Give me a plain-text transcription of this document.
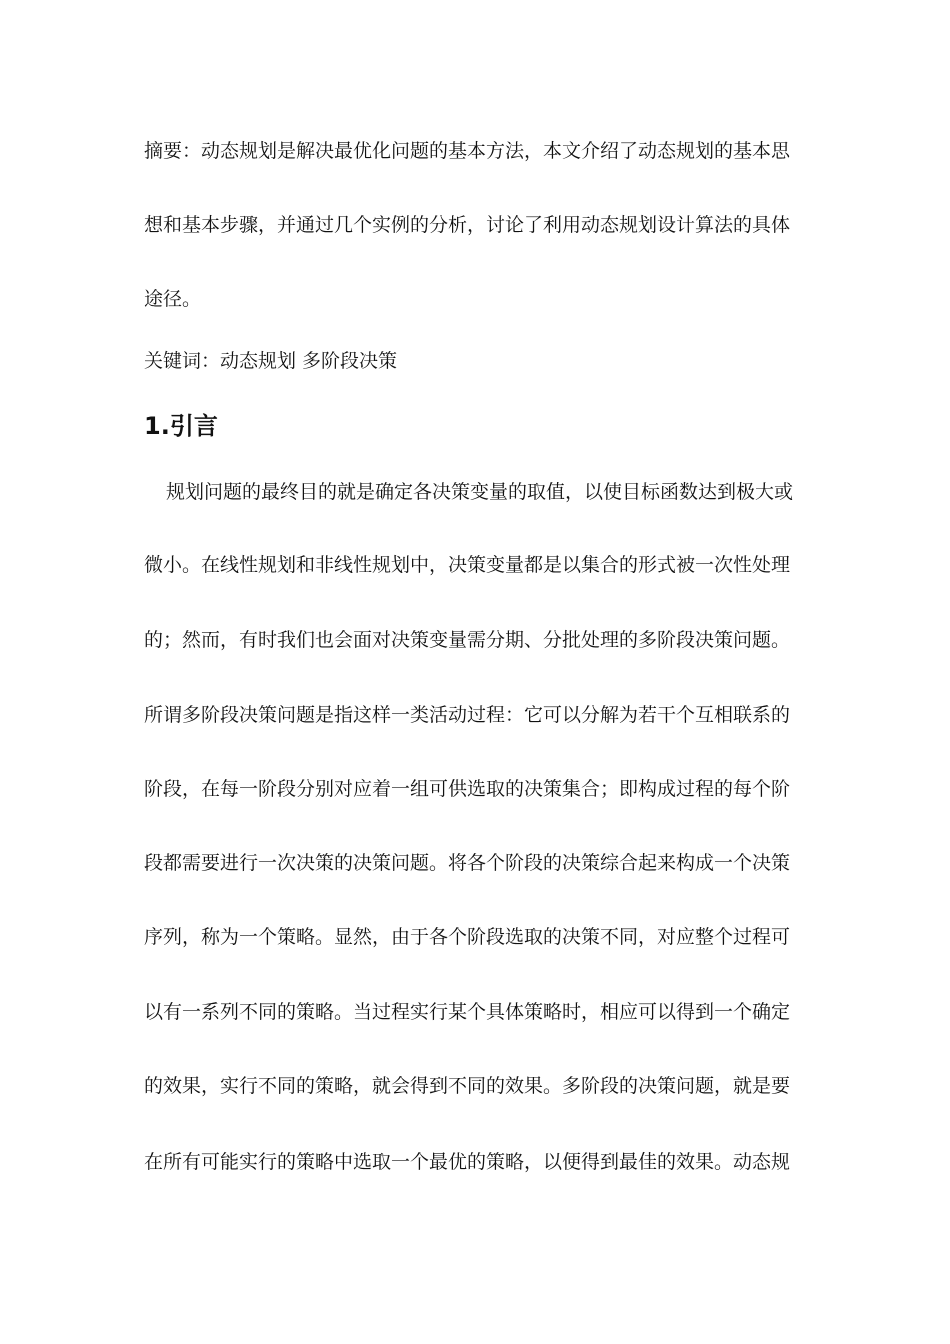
摘要：动态规划是解决最优化问题的基本方法，本文介绍了动态规划的基本思
想和基本步骤，并通过几个实例的分析，讨论了利用动态规划设计算法的具体
途径。
关键词：动态规划 多阶段决策
1.引言
规划问题的最终目的就是确定各决策变量的取值，以使目标函数达到极大或
微小。在线性规划和非线性规划中，决策变量都是以集合的形式被一次性处理
的；然而，有时我们也会面对决策变量需分期、分批处理的多阶段决策问题。
所谓多阶段决策问题是指这样一类活动过程：它可以分解为若干个互相联系的
阶段，在每一阶段分别对应着一组可供选取的决策集合；即构成过程的每个阶
段都需要进行一次决策的决策问题。将各个阶段的决策综合起来构成一个决策
序列，称为一个策略。显然，由于各个阶段选取的决策不同，对应整个过程可
以有一系列不同的策略。当过程实行某个具体策略时，相应可以得到一个确定
的效果，实行不同的策略，就会得到不同的效果。多阶段的决策问题，就是要
在所有可能实行的策略中选取一个最优的策略，以便得到最佳的效果。动态规
